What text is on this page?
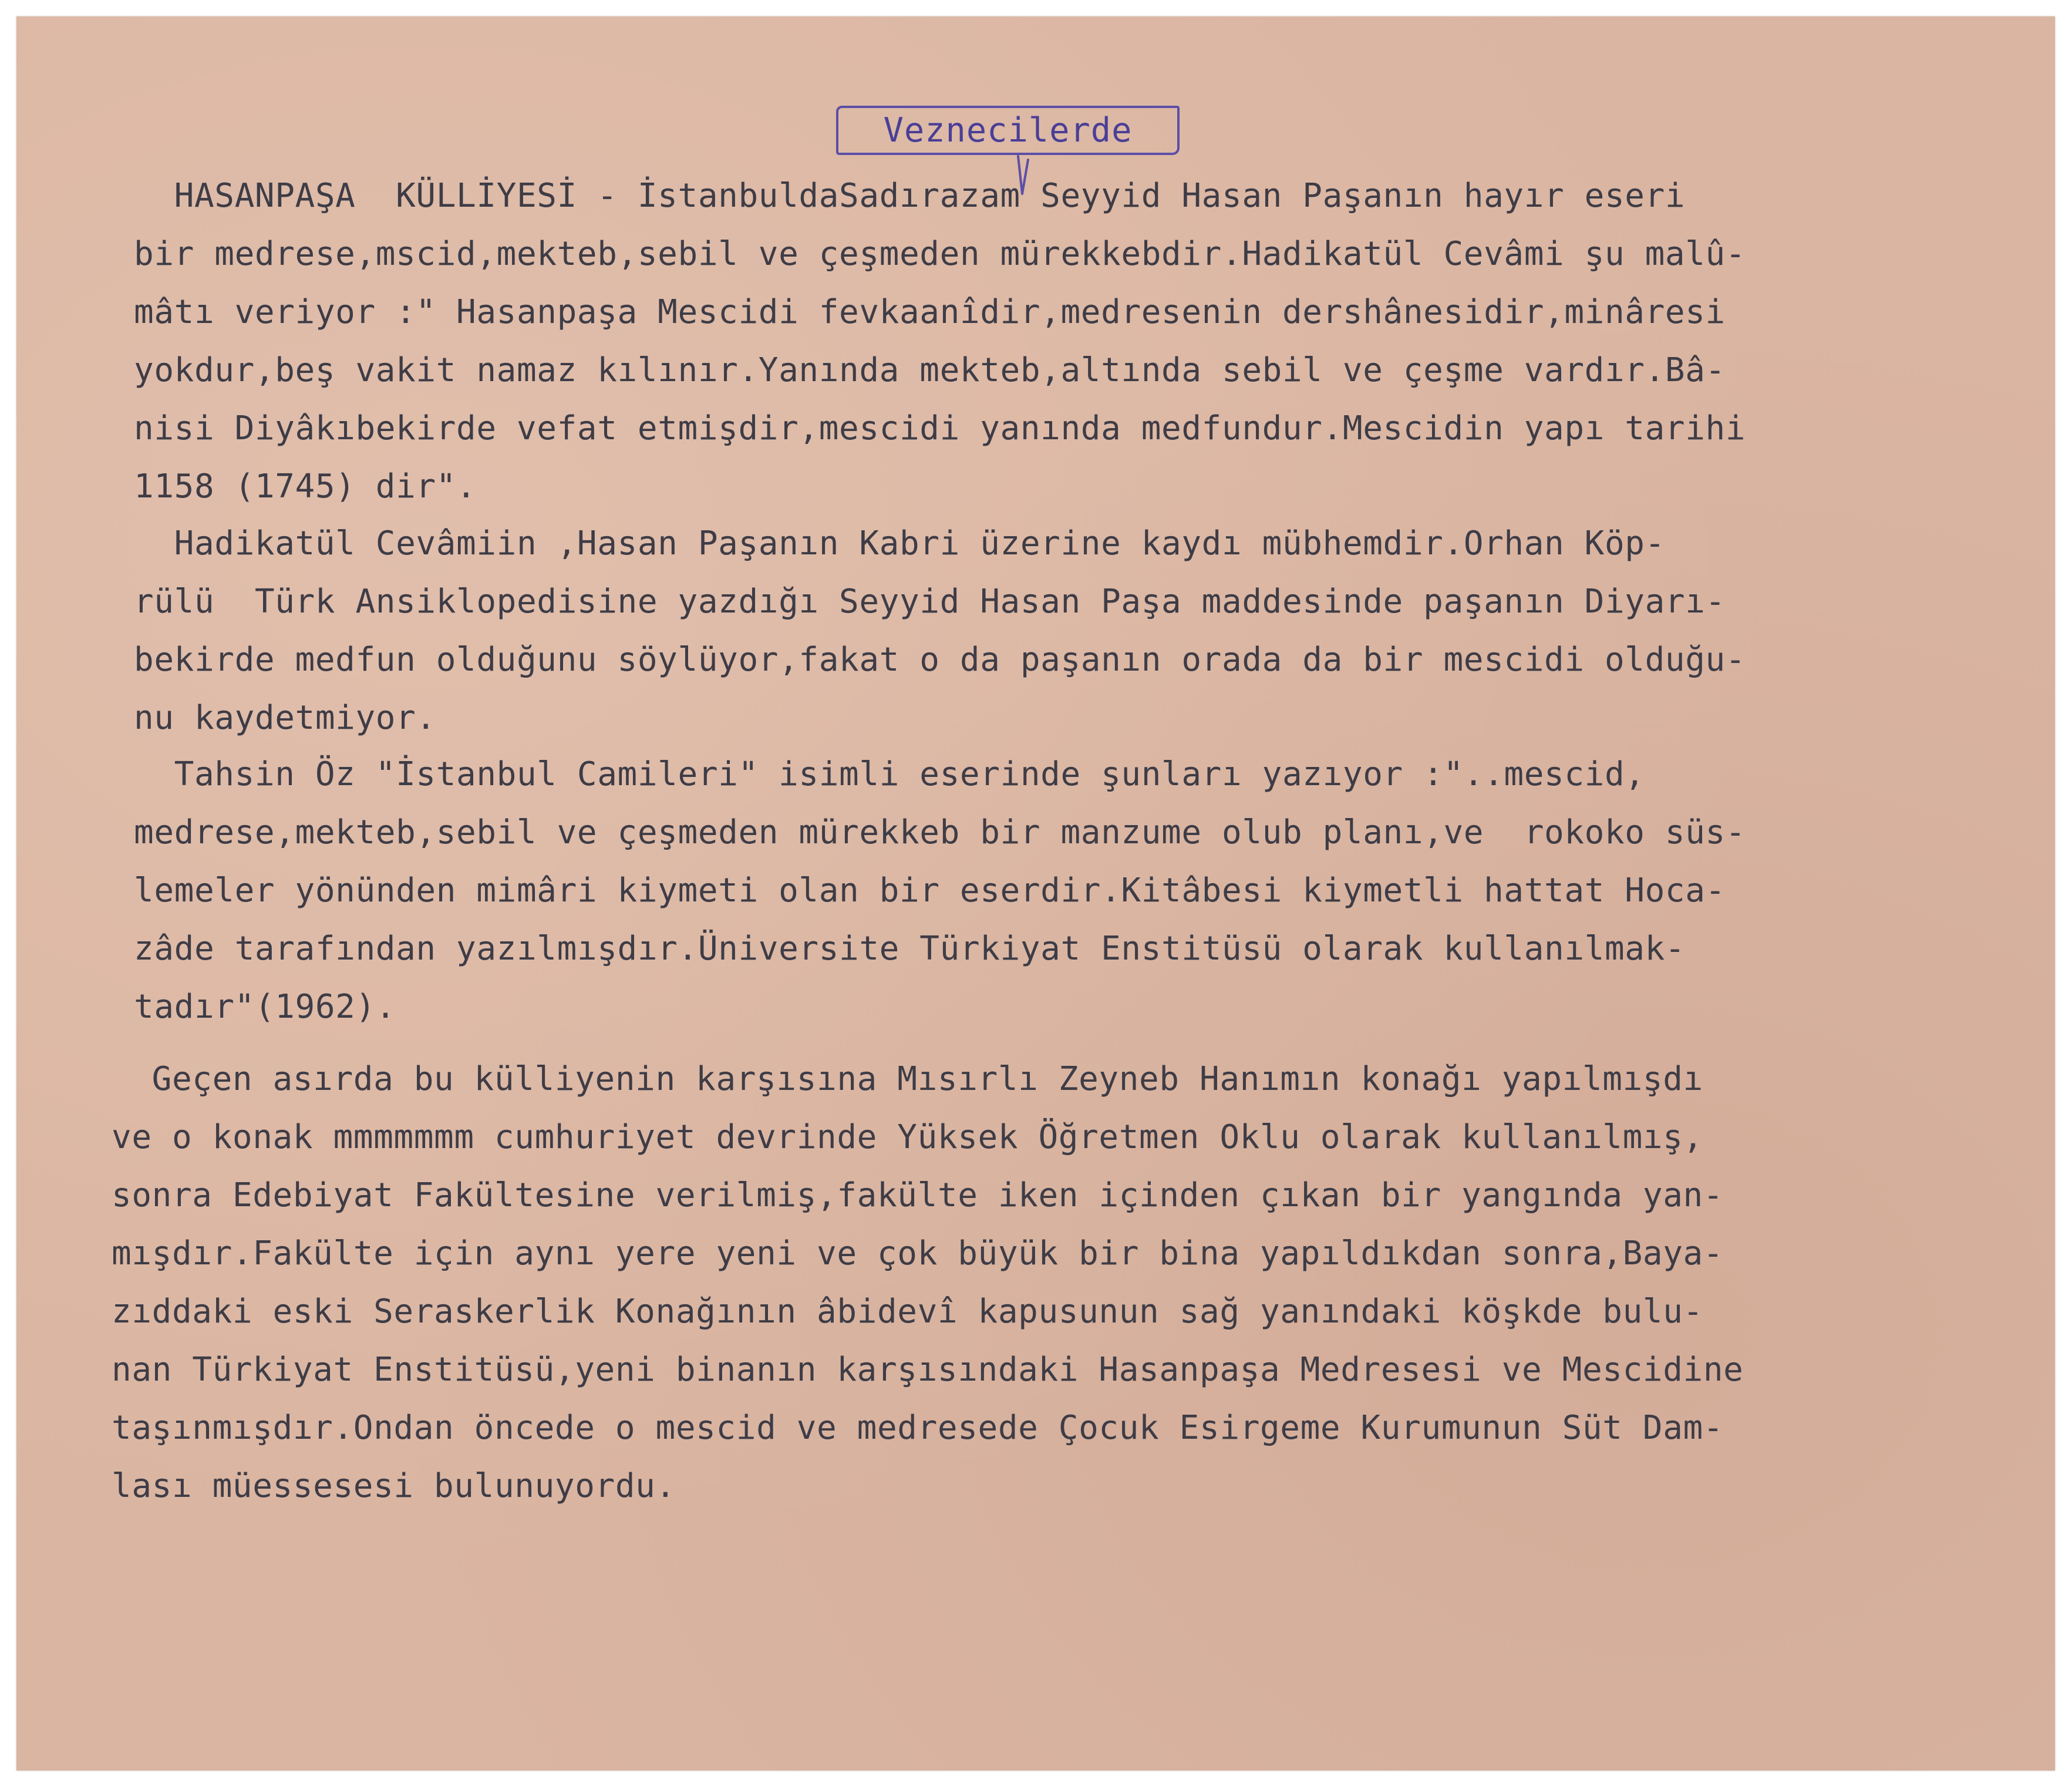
Veznecilerde
HASANPAŞA  KÜLLİYESİ - İstanbuldaSadırazam Seyyid Hasan Paşanın hayır eseri
bir medrese,mscid,mekteb,sebil ve çeşmeden mürekkebdir.Hadikatül Cevâmi şu malû-
mâtı veriyor :" Hasanpaşa Mescidi fevkaanîdir,medresenin dershânesidir,minâresi
yokdur,beş vakit namaz kılınır.Yanında mekteb,altında sebil ve çeşme vardır.Bâ-
nisi Diyâkıbekirde vefat etmişdir,mescidi yanında medfundur.Mescidin yapı tarihi
1158 (1745) dir".
Hadikatül Cevâmiin ,Hasan Paşanın Kabri üzerine kaydı mübhemdir.Orhan Köp-
rülü  Türk Ansiklopedisine yazdığı Seyyid Hasan Paşa maddesinde paşanın Diyarı-
bekirde medfun olduğunu söylüyor,fakat o da paşanın orada da bir mescidi olduğu-
nu kaydetmiyor.
Tahsin Öz "İstanbul Camileri" isimli eserinde şunları yazıyor :"..mescid,
medrese,mekteb,sebil ve çeşmeden mürekkeb bir manzume olub planı,ve  rokoko süs-
lemeler yönünden mimâri kiymeti olan bir eserdir.Kitâbesi kiymetli hattat Hoca-
zâde tarafından yazılmışdır.Üniversite Türkiyat Enstitüsü olarak kullanılmak-
tadır"(1962).
Geçen asırda bu külliyenin karşısına Mısırlı Zeyneb Hanımın konağı yapılmışdı
ve o konak mmmmmmm cumhuriyet devrinde Yüksek Öğretmen Oklu olarak kullanılmış,
sonra Edebiyat Fakültesine verilmiş,fakülte iken içinden çıkan bir yangında yan-
mışdır.Fakülte için aynı yere yeni ve çok büyük bir bina yapıldıkdan sonra,Baya-
zıddaki eski Seraskerlik Konağının âbidevî kapusunun sağ yanındaki köşkde bulu-
nan Türkiyat Enstitüsü,yeni binanın karşısındaki Hasanpaşa Medresesi ve Mescidine
taşınmışdır.Ondan öncede o mescid ve medresede Çocuk Esirgeme Kurumunun Süt Dam-
lası müessesesi bulunuyordu.
